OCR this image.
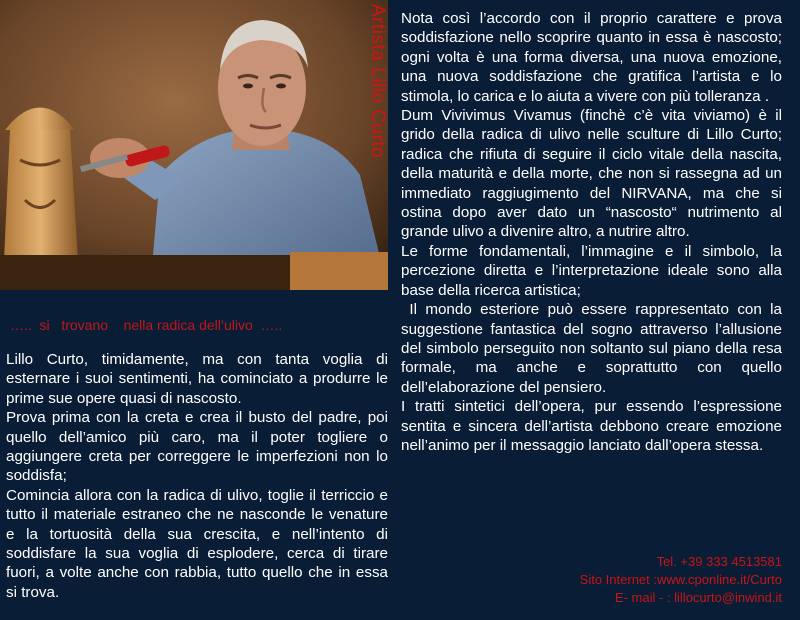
Artista Lillo Curto
…..  si   trovano    nella radica dell’ulivo  …..

Lillo Curto, timidamente, ma con tanta voglia di esternare i suoi sentimenti, ha cominciato a produrre le prime sue opere quasi di nascosto.

Prova prima con la creta e crea il busto del padre, poi quello dell’amico più caro, ma il poter togliere o aggiungere creta per correggere le imperfezioni non lo soddisfa;

Comincia allora con la radica di ulivo, toglie il terriccio e tutto il materiale estraneo che ne nasconde le venature e la tortuosità della sua crescita, e nell’intento di soddisfare la sua voglia di esplodere, cerca di tirare fuori, a volte anche con rabbia, tutto quello che in essa si trova.

Nota così l’accordo con il proprio carattere e prova soddisfazione nello scoprire quanto in essa è nascosto; ogni volta è una forma diversa, una nuova emozione, una nuova soddisfazione che gratifica l’artista e lo stimola, lo carica e lo aiuta a vivere con più tolleranza .

Dum Vivivimus Vivamus (finchè c’è vita viviamo) è il grido della radica di ulivo nelle sculture di Lillo Curto; radica che rifiuta di seguire il ciclo vitale della nascita, della maturità e della morte, che non si rassegna ad un immediato raggiugimento del NIRVANA, ma che si ostina dopo aver dato un “nascosto“ nutrimento al grande ulivo a divenire altro, a nutrire altro.

Le forme fondamentali, l’immagine e il simbolo, la percezione diretta e l’interpretazione ideale sono alla base della ricerca artistica;

Il mondo esteriore può essere rappresentato con la suggestione fantastica del sogno attraverso l’allusione del simbolo perseguito non soltanto sul piano della resa formale, ma anche e soprattutto con quello dell’elaborazione del pensiero.

I tratti sintetici dell’opera, pur essendo l’espressione sentita e sincera dell’artista debbono creare emozione nell’animo per il messaggio lanciato dall’opera stessa.

Tel. +39 333 4513581
Sito Internet :www.cponline.it/Curto
E- mail - : lillocurto@inwind.it
